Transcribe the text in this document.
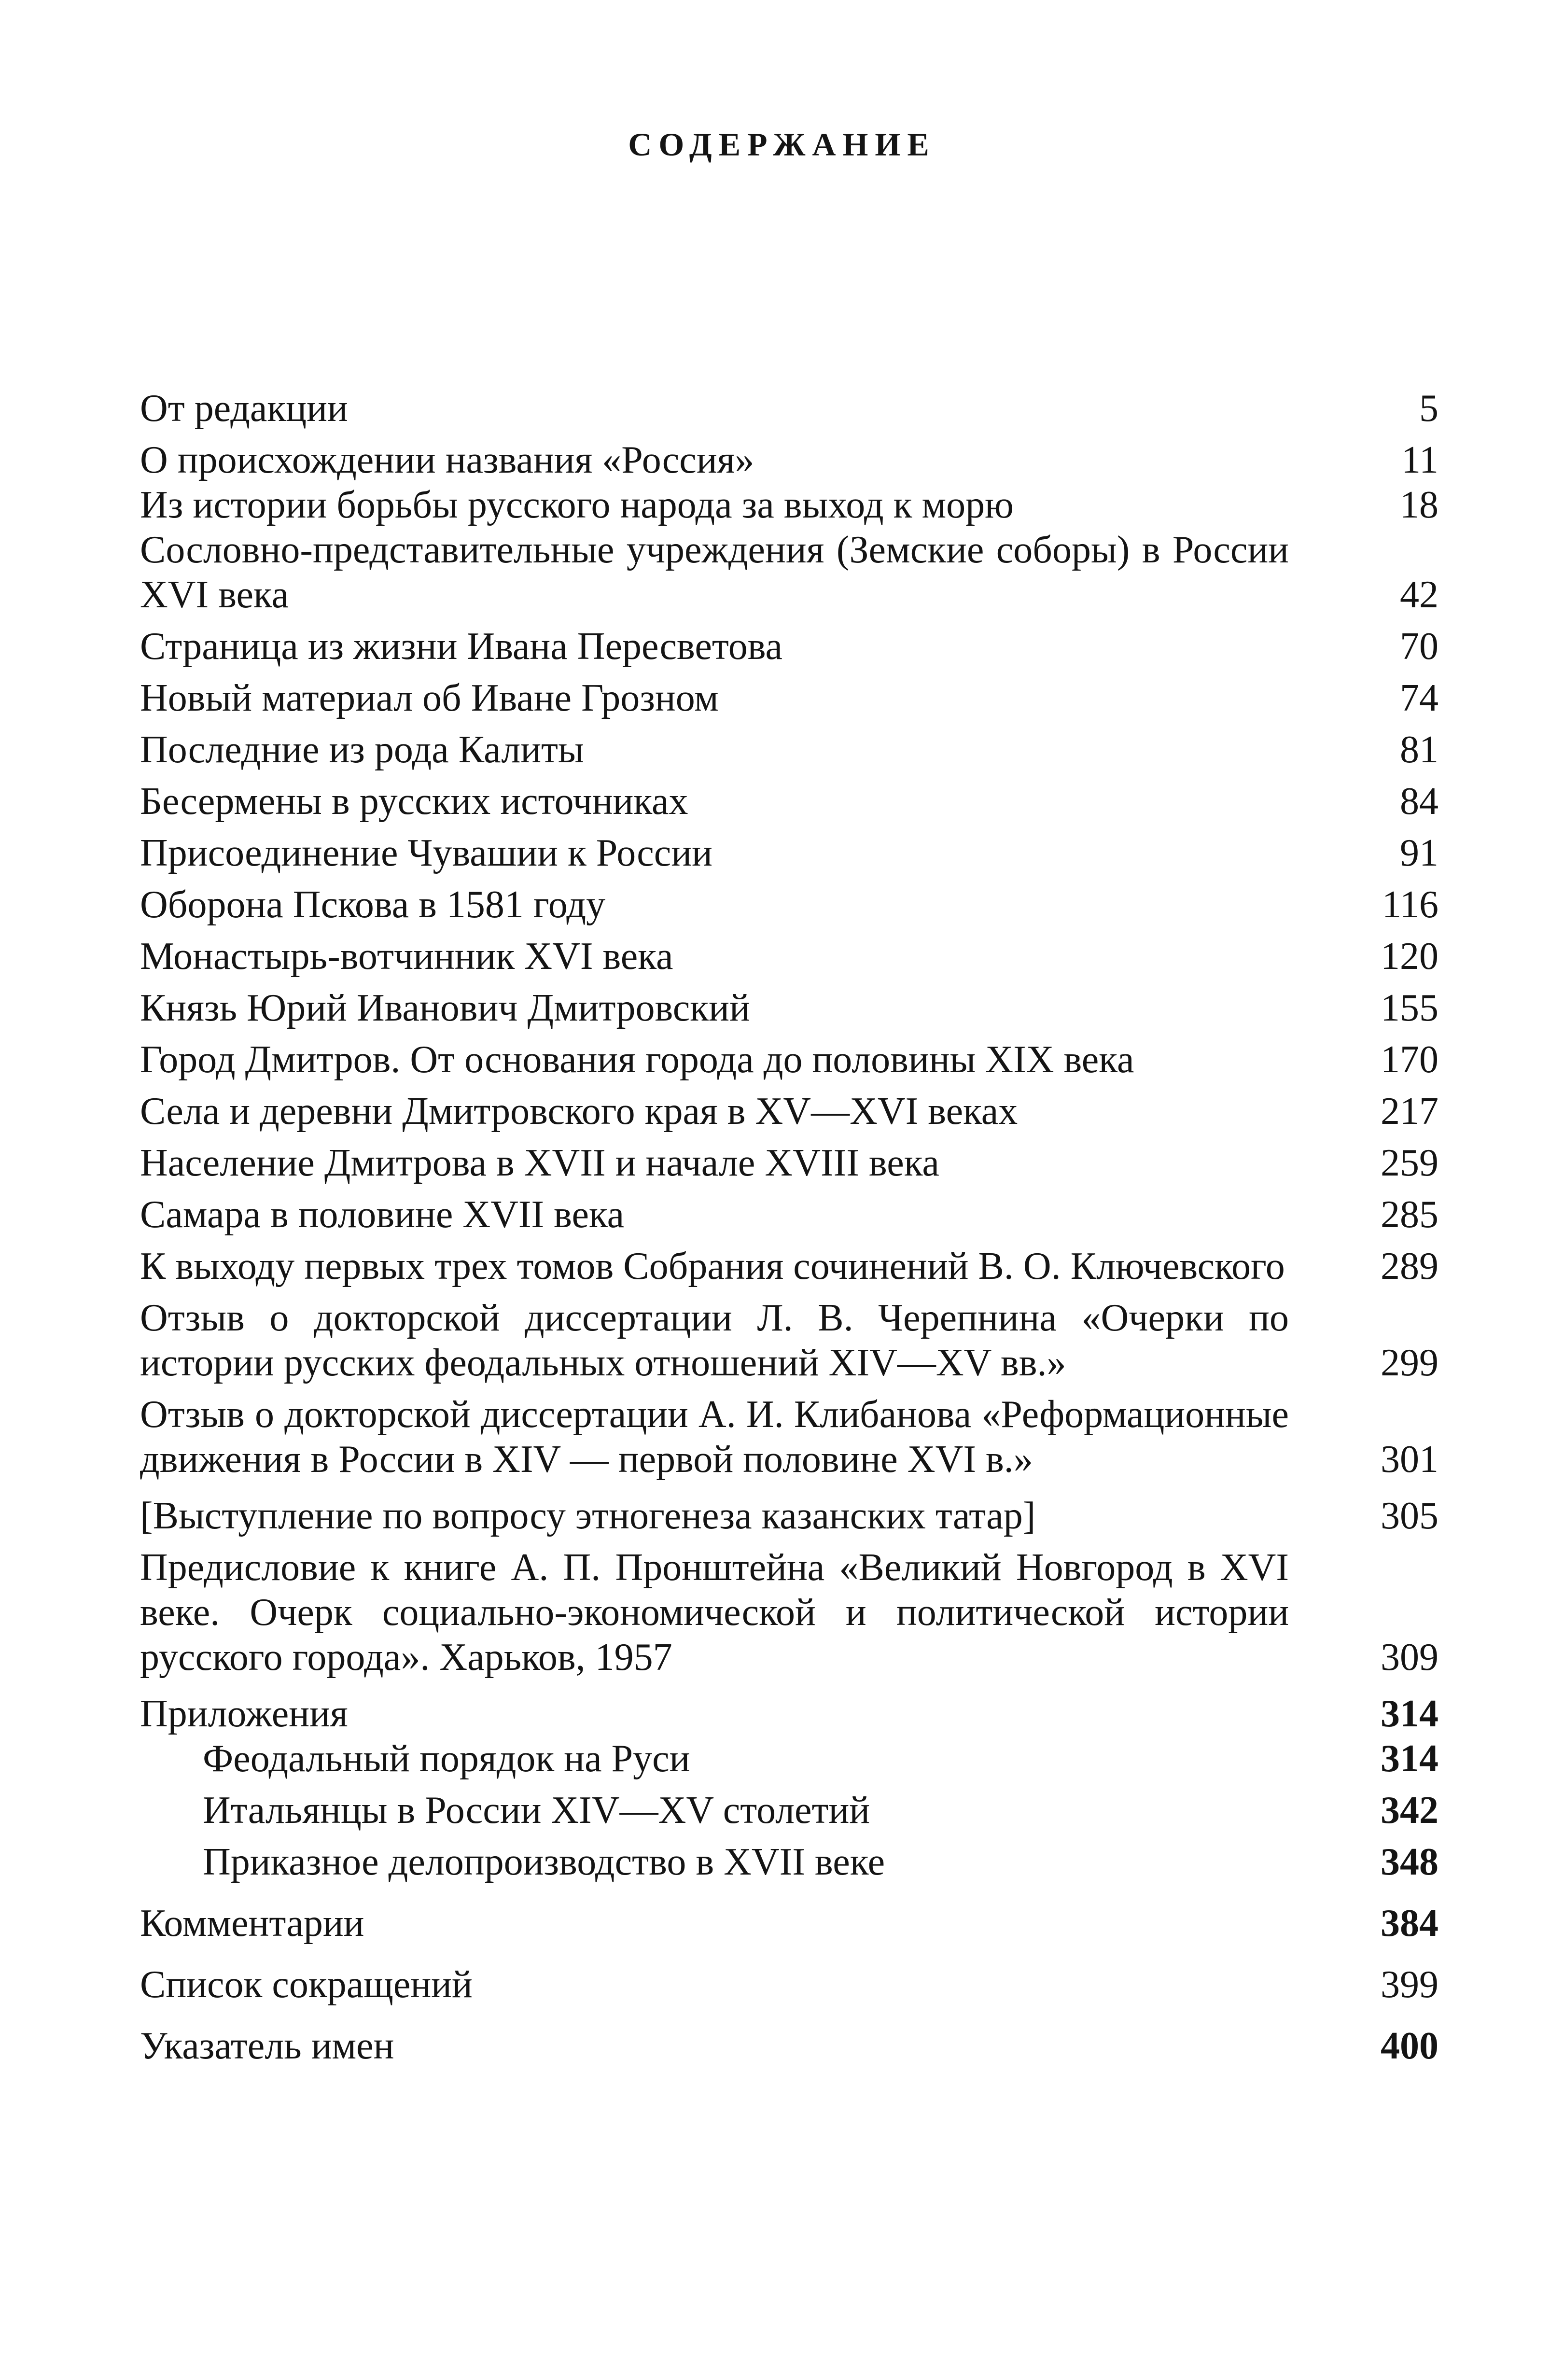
СОДЕРЖАНИЕ
От редакции	5
О происхождении названия «Россия»	11
Из истории борьбы русского народа за выход к морю	18
Сословно-представительные учреждения (Земские соборы) в России XVI века	42
Страница из жизни Ивана Пересветова	70
Новый материал об Иване Грозном	74
Последние из рода Калиты	81
Бесермены в русских источниках	84
Присоединение Чувашии к России	91
Оборона Пскова в 1581 году	116
Монастырь-вотчинник XVI века	120
Князь Юрий Иванович Дмитровский	155
Город Дмитров. От основания города до половины XIX века	170
Села и деревни Дмитровского края в XV—XVI веках	217
Население Дмитрова в XVII и начале XVIII века	259
Самара в половине XVII века	285
К выходу первых трех томов Собрания сочинений В. О. Ключевского 289
Отзыв о докторской диссертации Л. В. Черепнина «Очерки по истории русских феодальных отношений XIV—XV вв.»	299
Отзыв о докторской диссертации А. И. Клибанова «Реформационные движения в России в XIV — первой половине XVI в.»	301
[Выступление по вопросу этногенеза казанских татар]	305
Предисловие к книге А. П. Пронштейна «Великий Новгород в XVI веке. Очерк социально-экономической и политической истории русского города». Харьков, 1957	309
Приложения	314
Феодальный порядок на Руси	314
Итальянцы в России XIV—XV столетий	342
Приказное делопроизводство в XVII веке	348
Комментарии	384
Список сокращений	399
Указатель имен	400
